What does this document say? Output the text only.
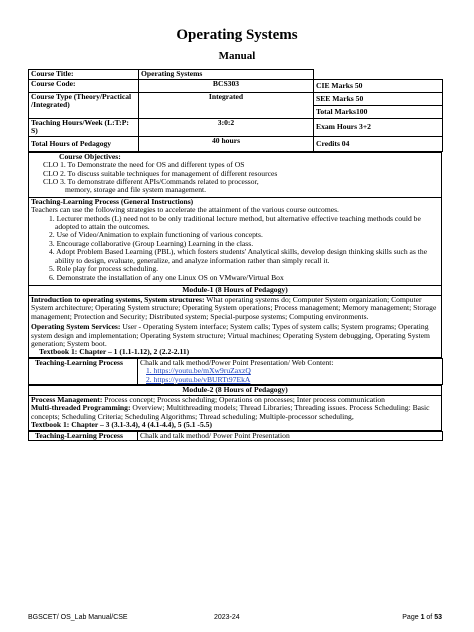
Operating Systems
Manual
Course Title:	Operating Systems	
Course Code:	BCS303	CIE Marks 50
Course Type (Theory/Practical /Integrated)	Integrated	SEE Marks 50
		Total Marks100
Teaching Hours/Week (L:T:P: S)	3:0:2	Exam Hours 3+2
Total Hours of Pedagogy	40 hours	Credits 04
Course Objectives:
CLO 1. To Demonstrate the need for OS and different types of OS
CLO 2. To discuss suitable techniques for management of different resources
CLO 3. To demonstrate different APIs/Commands related to processor,
memory, storage and file system management.

Teaching-Learning Process (General Instructions)

Teachers can use the following strategies to accelerate the attainment of the various course outcomes.

1. Lecturer methods (L) need not to be only traditional lecture method, but alternative effective teaching methods could be adopted to attain the outcomes.
2. Use of Video/Animation to explain functioning of various concepts.
3. Encourage collaborative (Group Learning) Learning in the class.
4. Adopt Problem Based Learning (PBL), which fosters students' Analytical skills, develop design thinking skills such as the ability to design, evaluate, generalize, and analyze information rather than simply recall it.
5. Role play for process scheduling.
6. Demonstrate the installation of any one Linux OS on VMware/Virtual Box

Module-1 (8 Hours of Pedagogy)

Introduction to operating systems, System structures: What operating systems do; Computer System organization; Computer System architecture; Operating System structure; Operating System operations; Process management; Memory management; Storage management; Protection and Security; Distributed system; Special-purpose systems; Computing environments.

Operating System Services: User - Operating System interface; System calls; Types of system calls; System programs; Operating system design and implementation; Operating System structure; Virtual machines; Operating System debugging, Operating System generation; System boot.

Textbook 1: Chapter – 1 (1.1-1.12), 2 (2.2-2.11)
Teaching-Learning Process	Chalk and talk method/Power Point Presentation/ Web Content:
1. https://youtu.be/mXw9ruZaxzQ
2. https://youtu.be/vBURTt97EkA
Module-2 (8 Hours of Pedagogy)

Process Management: Process concept; Process scheduling; Operations on processes; Inter process communication

Multi-threaded Programming: Overview; Multithreading models; Thread Libraries; Threading issues. Process Scheduling: Basic concepts; Scheduling Criteria; Scheduling Algorithms; Thread scheduling; Multiple-processor scheduling,

Textbook 1: Chapter – 3 (3.1-3.4), 4 (4.1-4.4), 5 (5.1 -5.5)
Teaching-Learning Process	Chalk and talk method/ Power Point Presentation
BGSCET/ OS_Lab Manual/CSE	2023-24	Page 1 of 53
